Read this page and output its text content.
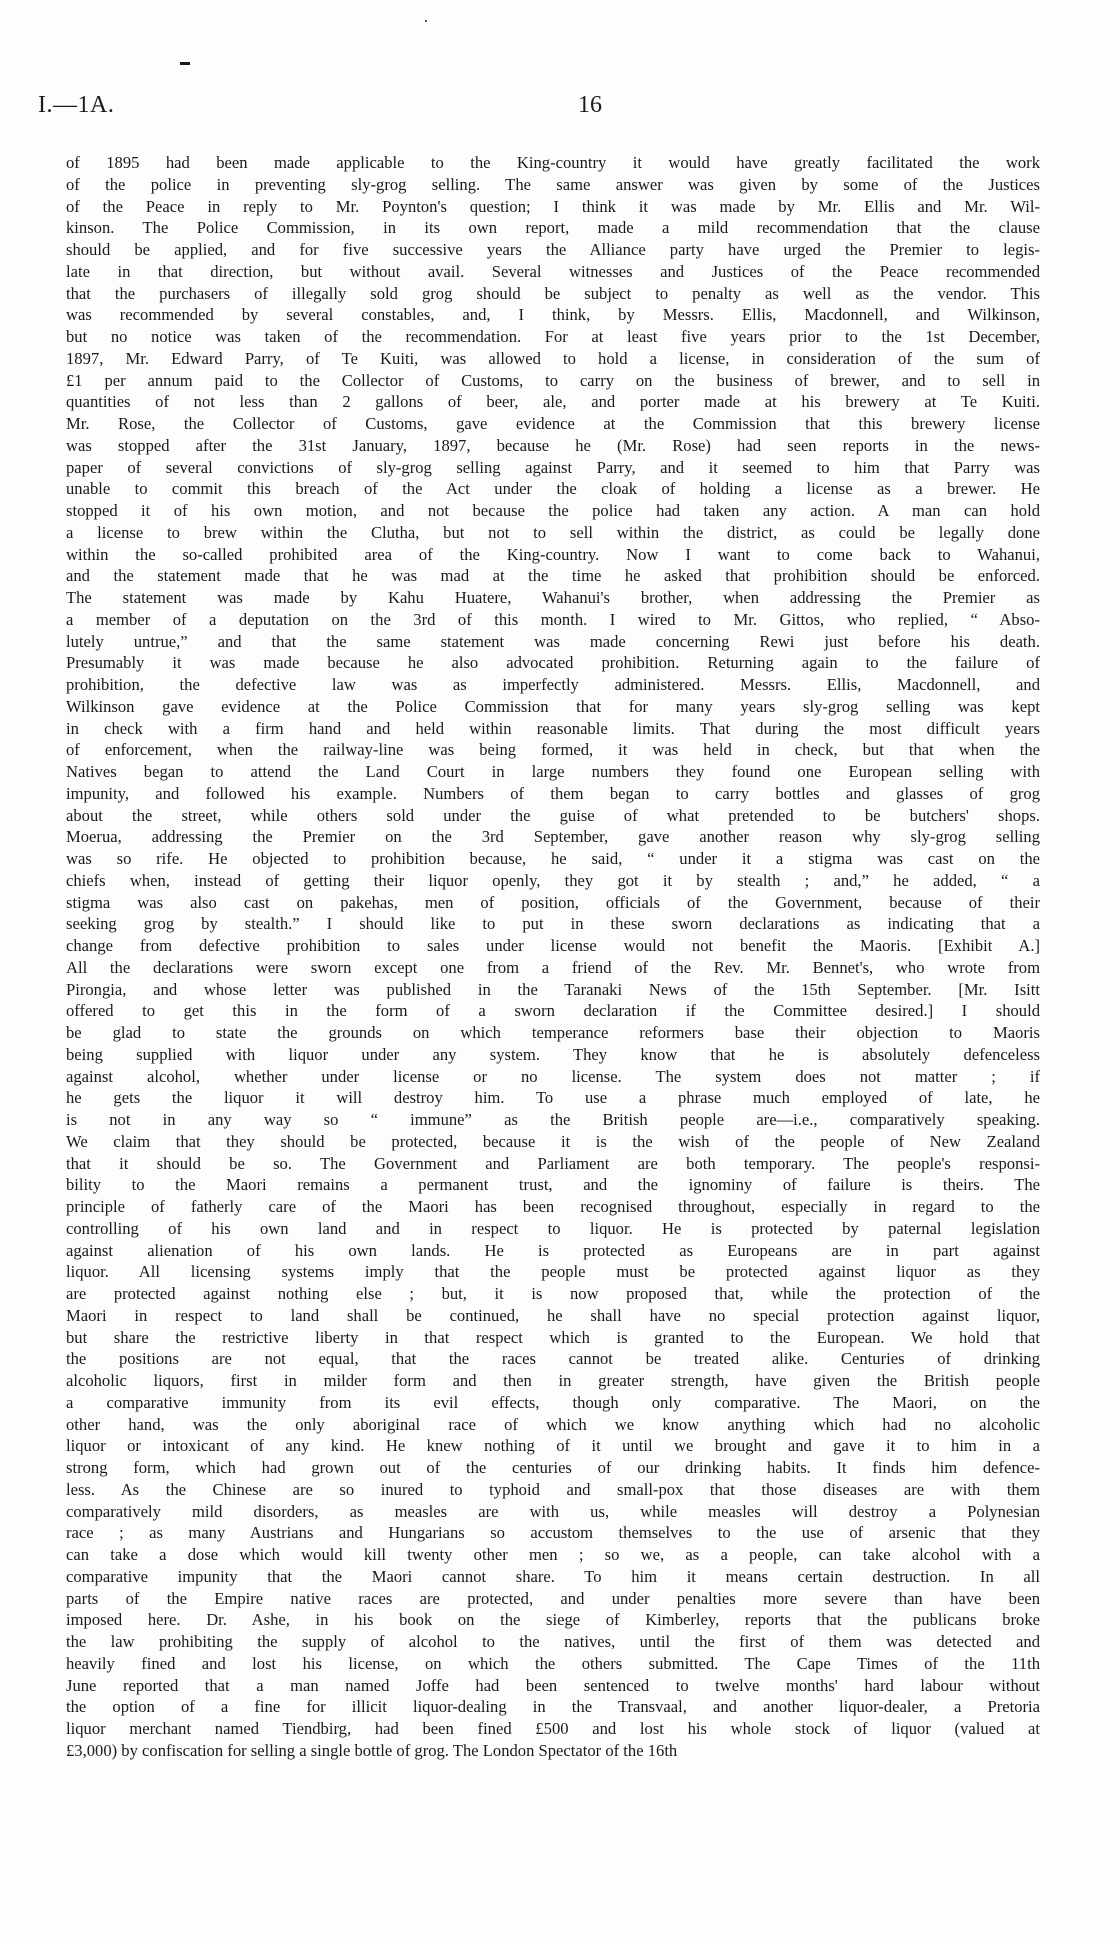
I.—1A.	16
of 1895 had been made applicable to the King-country it would have greatly facilitated the work
of the police in preventing sly-grog selling. The same answer was given by some of the Justices
of the Peace in reply to Mr. Poynton's question; I think it was made by Mr. Ellis and Mr. Wil-
kinson. The Police Commission, in its own report, made a mild recommendation that the clause
should be applied, and for five successive years the Alliance party have urged the Premier to legis-
late in that direction, but without avail. Several witnesses and Justices of the Peace recommended
that the purchasers of illegally sold grog should be subject to penalty as well as the vendor. This
was recommended by several constables, and, I think, by Messrs. Ellis, Macdonnell, and Wilkinson,
but no notice was taken of the recommendation. For at least five years prior to the 1st December,
1897, Mr. Edward Parry, of Te Kuiti, was allowed to hold a license, in consideration of the sum of
£1 per annum paid to the Collector of Customs, to carry on the business of brewer, and to sell in
quantities of not less than 2 gallons of beer, ale, and porter made at his brewery at Te Kuiti.
Mr. Rose, the Collector of Customs, gave evidence at the Commission that this brewery license
was stopped after the 31st January, 1897, because he (Mr. Rose) had seen reports in the news-
paper of several convictions of sly-grog selling against Parry, and it seemed to him that Parry was
unable to commit this breach of the Act under the cloak of holding a license as a brewer. He
stopped it of his own motion, and not because the police had taken any action. A man can hold
a license to brew within the Clutha, but not to sell within the district, as could be legally done
within the so-called prohibited area of the King-country. Now I want to come back to Wahanui,
and the statement made that he was mad at the time he asked that prohibition should be enforced.
The statement was made by Kahu Huatere, Wahanui's brother, when addressing the Premier as
a member of a deputation on the 3rd of this month. I wired to Mr. Gittos, who replied, “ Abso-
lutely untrue,” and that the same statement was made concerning Rewi just before his death.
Presumably it was made because he also advocated prohibition. Returning again to the failure of
prohibition, the defective law was as imperfectly administered. Messrs. Ellis, Macdonnell, and
Wilkinson gave evidence at the Police Commission that for many years sly-grog selling was kept
in check with a firm hand and held within reasonable limits. That during the most difficult years
of enforcement, when the railway-line was being formed, it was held in check, but that when the
Natives began to attend the Land Court in large numbers they found one European selling with
impunity, and followed his example. Numbers of them began to carry bottles and glasses of grog
about the street, while others sold under the guise of what pretended to be butchers' shops.
Moerua, addressing the Premier on the 3rd September, gave another reason why sly-grog selling
was so rife. He objected to prohibition because, he said, “ under it a stigma was cast on the
chiefs when, instead of getting their liquor openly, they got it by stealth ; and,” he added, “ a
stigma was also cast on pakehas, men of position, officials of the Government, because of their
seeking grog by stealth.” I should like to put in these sworn declarations as indicating that a
change from defective prohibition to sales under license would not benefit the Maoris. [Exhibit A.]
All the declarations were sworn except one from a friend of the Rev. Mr. Bennet's, who wrote from
Pirongia, and whose letter was published in the Taranaki News of the 15th September. [Mr. Isitt
offered to get this in the form of a sworn declaration if the Committee desired.] I should
be glad to state the grounds on which temperance reformers base their objection to Maoris
being supplied with liquor under any system. They know that he is absolutely defenceless
against alcohol, whether under license or no license. The system does not matter ; if
he gets the liquor it will destroy him. To use a phrase much employed of late, he
is not in any way so “ immune” as the British people are—i.e., comparatively speaking.
We claim that they should be protected, because it is the wish of the people of New Zealand
that it should be so. The Government and Parliament are both temporary. The people's responsi-
bility to the Maori remains a permanent trust, and the ignominy of failure is theirs. The
principle of fatherly care of the Maori has been recognised throughout, especially in regard to the
controlling of his own land and in respect to liquor. He is protected by paternal legislation
against alienation of his own lands. He is protected as Europeans are in part against
liquor. All licensing systems imply that the people must be protected against liquor as they
are protected against nothing else ; but, it is now proposed that, while the protection of the
Maori in respect to land shall be continued, he shall have no special protection against liquor,
but share the restrictive liberty in that respect which is granted to the European. We hold that
the positions are not equal, that the races cannot be treated alike. Centuries of drinking
alcoholic liquors, first in milder form and then in greater strength, have given the British people
a comparative immunity from its evil effects, though only comparative. The Maori, on the
other hand, was the only aboriginal race of which we know anything which had no alcoholic
liquor or intoxicant of any kind. He knew nothing of it until we brought and gave it to him in a
strong form, which had grown out of the centuries of our drinking habits. It finds him defence-
less. As the Chinese are so inured to typhoid and small-pox that those diseases are with them
comparatively mild disorders, as measles are with us, while measles will destroy a Polynesian
race ; as many Austrians and Hungarians so accustom themselves to the use of arsenic that they
can take a dose which would kill twenty other men ; so we, as a people, can take alcohol with a
comparative impunity that the Maori cannot share. To him it means certain destruction. In all
parts of the Empire native races are protected, and under penalties more severe than have been
imposed here. Dr. Ashe, in his book on the siege of Kimberley, reports that the publicans broke
the law prohibiting the supply of alcohol to the natives, until the first of them was detected and
heavily fined and lost his license, on which the others submitted. The Cape Times of the 11th
June reported that a man named Joffe had been sentenced to twelve months' hard labour without
the option of a fine for illicit liquor-dealing in the Transvaal, and another liquor-dealer, a Pretoria
liquor merchant named Tiendbirg, had been fined £500 and lost his whole stock of liquor (valued at
£3,000) by confiscation for selling a single bottle of grog. The London Spectator of the 16th
